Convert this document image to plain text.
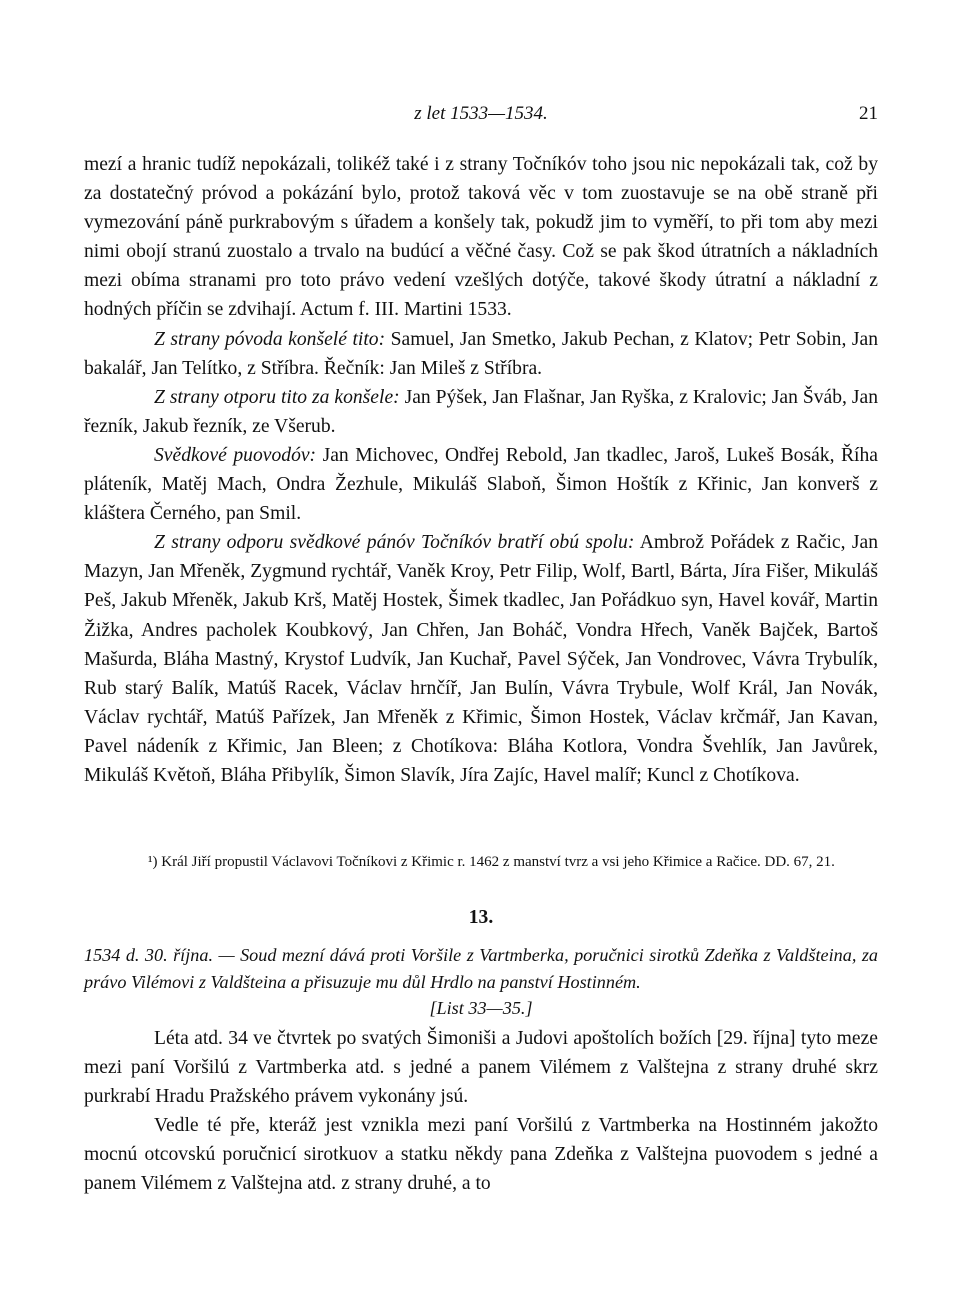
z let 1533—1534.	21

mezí a hranic tudíž nepokázali, tolikéž také i z strany Točníkóv toho jsou nic nepokázali tak, což by za dostatečný próvod a pokázání bylo, protož taková věc v tom zuostavuje se na obě straně při vymezování páně purkrabovým s úřadem a konšely tak, pokudž jim to vyměří, to při tom aby mezi nimi obojí stranú zuostalo a trvalo na budúcí a věčné časy. Což se pak škod útratních a nákladních mezi obíma stranami pro toto právo vedení vzešlých dotýče, takové škody útratní a nákladní z hodných příčin se zdvihají. Actum f. III. Martini 1533.

Z strany póvoda konšelé tito: Samuel, Jan Smetko, Jakub Pechan, z Klatov; Petr Sobin, Jan bakalář, Jan Telítko, z Stříbra. Řečník: Jan Mileš z Stříbra.

Z strany otporu tito za konšele: Jan Pýšek, Jan Flašnar, Jan Ryška, z Kralovic; Jan Šváb, Jan řezník, Jakub řezník, ze Všerub.

Svědkové puovodóv: Jan Michovec, Ondřej Rebold, Jan tkadlec, Jaroš, Lukeš Bosák, Říha pláteník, Matěj Mach, Ondra Žezhule, Mikuláš Slaboň, Šimon Hoštík z Křinic, Jan konverš z kláštera Černého, pan Smil.

Z strany odporu svědkové pánóv Točníkóv bratří obú spolu: Ambrož Pořádek z Račic, Jan Mazyn, Jan Mřeněk, Zygmund rychtář, Vaněk Kroy, Petr Filip, Wolf, Bartl, Bárta, Jíra Fišer, Mikuláš Peš, Jakub Mřeněk, Jakub Krš, Matěj Hostek, Šimek tkadlec, Jan Pořádkuo syn, Havel kovář, Martin Žižka, Andres pacholek Koubkový, Jan Chřen, Jan Boháč, Vondra Hřech, Vaněk Bajček, Bartoš Mašurda, Bláha Mastný, Krystof Ludvík, Jan Kuchař, Pavel Sýček, Jan Vondrovec, Vávra Trybulík, Rub starý Balík, Matúš Racek, Václav hrnčíř, Jan Bulín, Vávra Trybule, Wolf Král, Jan Novák, Václav rychtář, Matúš Pařízek, Jan Mřeněk z Křimic, Šimon Hostek, Václav krčmář, Jan Kavan, Pavel nádeník z Křimic, Jan Bleen; z Chotíkova: Bláha Kotlora, Vondra Švehlík, Jan Javůrek, Mikuláš Květoň, Bláha Přibylík, Šimon Slavík, Jíra Zajíc, Havel malíř; Kuncl z Chotíkova.

¹) Král Jiří propustil Václavovi Točníkovi z Křimic r. 1462 z manství tvrz a vsi jeho Křimice a Račice. DD. 67, 21.
13.
1534 d. 30. října. — Soud mezní dává proti Voršile z Vartmberka, poručnici sirotků Zdeňka z Valdšteina, za právo Vilémovi z Valdšteina a přisuzuje mu důl Hrdlo na panství Hostinném.
[List 33—35.]

Léta atd. 34 ve čtvrtek po svatých Šimoniši a Judovi apoštolích božích [29. října] tyto meze mezi paní Voršilú z Vartmberka atd. s jedné a panem Vilémem z Valštejna z strany druhé skrz purkrabí Hradu Pražského právem vykonány jsú.

Vedle té pře, kteráž jest vznikla mezi paní Voršilú z Vartmberka na Hostinném jakožto mocnú otcovskú poručnicí sirotkuov a statku někdy pana Zdeňka z Valštejna puovodem s jedné a panem Vilémem z Valštejna atd. z strany druhé, a to
